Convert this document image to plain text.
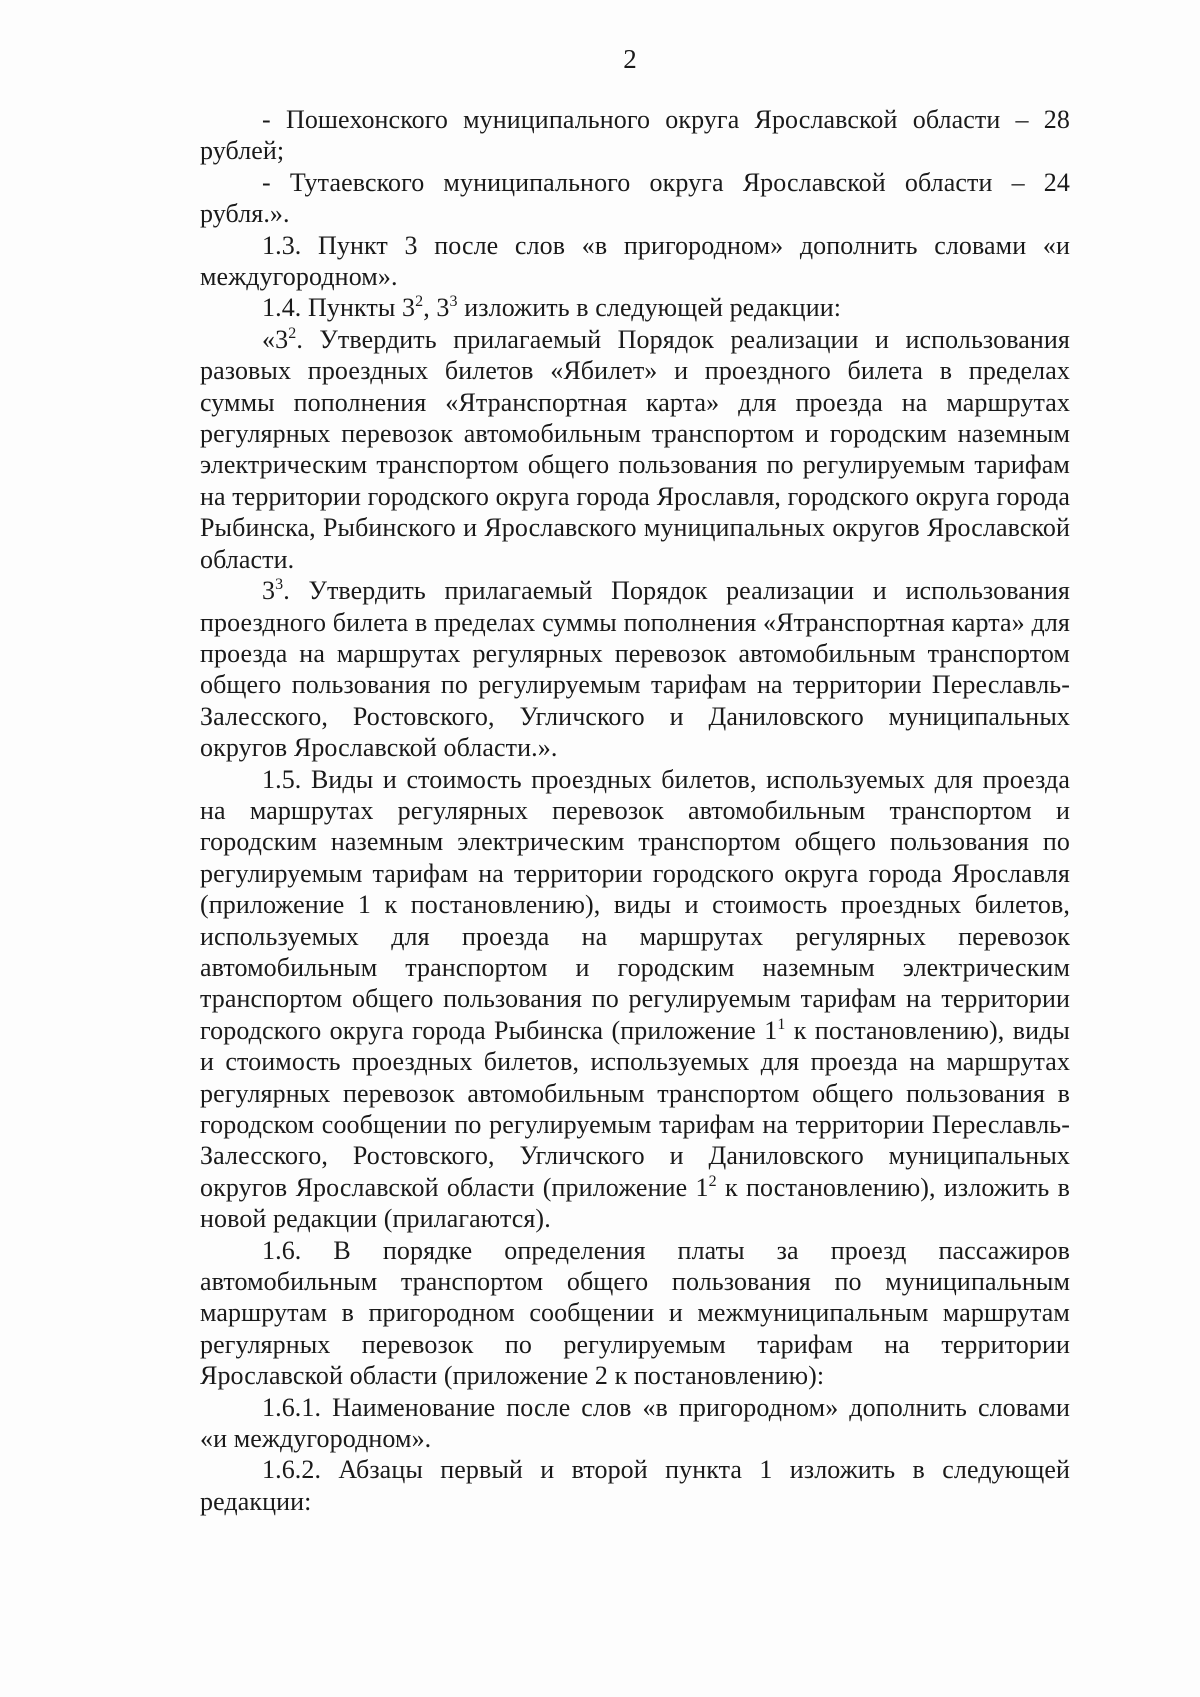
2

- Пошехонского муниципального округа Ярославской области – 28 рублей;

- Тутаевского муниципального округа Ярославской области – 24 рубля.».

1.3. Пункт 3 после слов «в пригородном» дополнить словами «и междугородном».

1.4. Пункты $3^2$, $3^3$ изложить в следующей редакции:

«$3^2$. Утвердить прилагаемый Порядок реализации и использования разовых проездных билетов «Ябилет» и проездного билета в пределах суммы пополнения «Ятранспортная карта» для проезда на маршрутах регулярных перевозок автомобильным транспортом и городским наземным электрическим транспортом общего пользования по регулируемым тарифам на территории городского округа города Ярославля, городского округа города Рыбинска, Рыбинского и Ярославского муниципальных округов Ярославской области.

$3^3$. Утвердить прилагаемый Порядок реализации и использования проездного билета в пределах суммы пополнения «Ятранспортная карта» для проезда на маршрутах регулярных перевозок автомобильным транспортом общего пользования по регулируемым тарифам на территории Переславль-Залесского, Ростовского, Угличского и Даниловского муниципальных округов Ярославской области.».

1.5. Виды и стоимость проездных билетов, используемых для проезда на маршрутах регулярных перевозок автомобильным транспортом и городским наземным электрическим транспортом общего пользования по регулируемым тарифам на территории городского округа города Ярославля (приложение 1 к постановлению), виды и стоимость проездных билетов, используемых для проезда на маршрутах регулярных перевозок автомобильным транспортом и городским наземным электрическим транспортом общего пользования по регулируемым тарифам на территории городского округа города Рыбинска (приложение $1^1$ к постановлению), виды и стоимость проездных билетов, используемых для проезда на маршрутах регулярных перевозок автомобильным транспортом общего пользования в городском сообщении по регулируемым тарифам на территории Переславль-Залесского, Ростовского, Угличского и Даниловского муниципальных округов Ярославской области (приложение $1^2$ к постановлению), изложить в новой редакции (прилагаются).

1.6. В порядке определения платы за проезд пассажиров автомобильным транспортом общего пользования по муниципальным маршрутам в пригородном сообщении и межмуниципальным маршрутам регулярных перевозок по регулируемым тарифам на территории Ярославской области (приложение 2 к постановлению):

1.6.1. Наименование после слов «в пригородном» дополнить словами «и междугородном».

1.6.2. Абзацы первый и второй пункта 1 изложить в следующей редакции:
